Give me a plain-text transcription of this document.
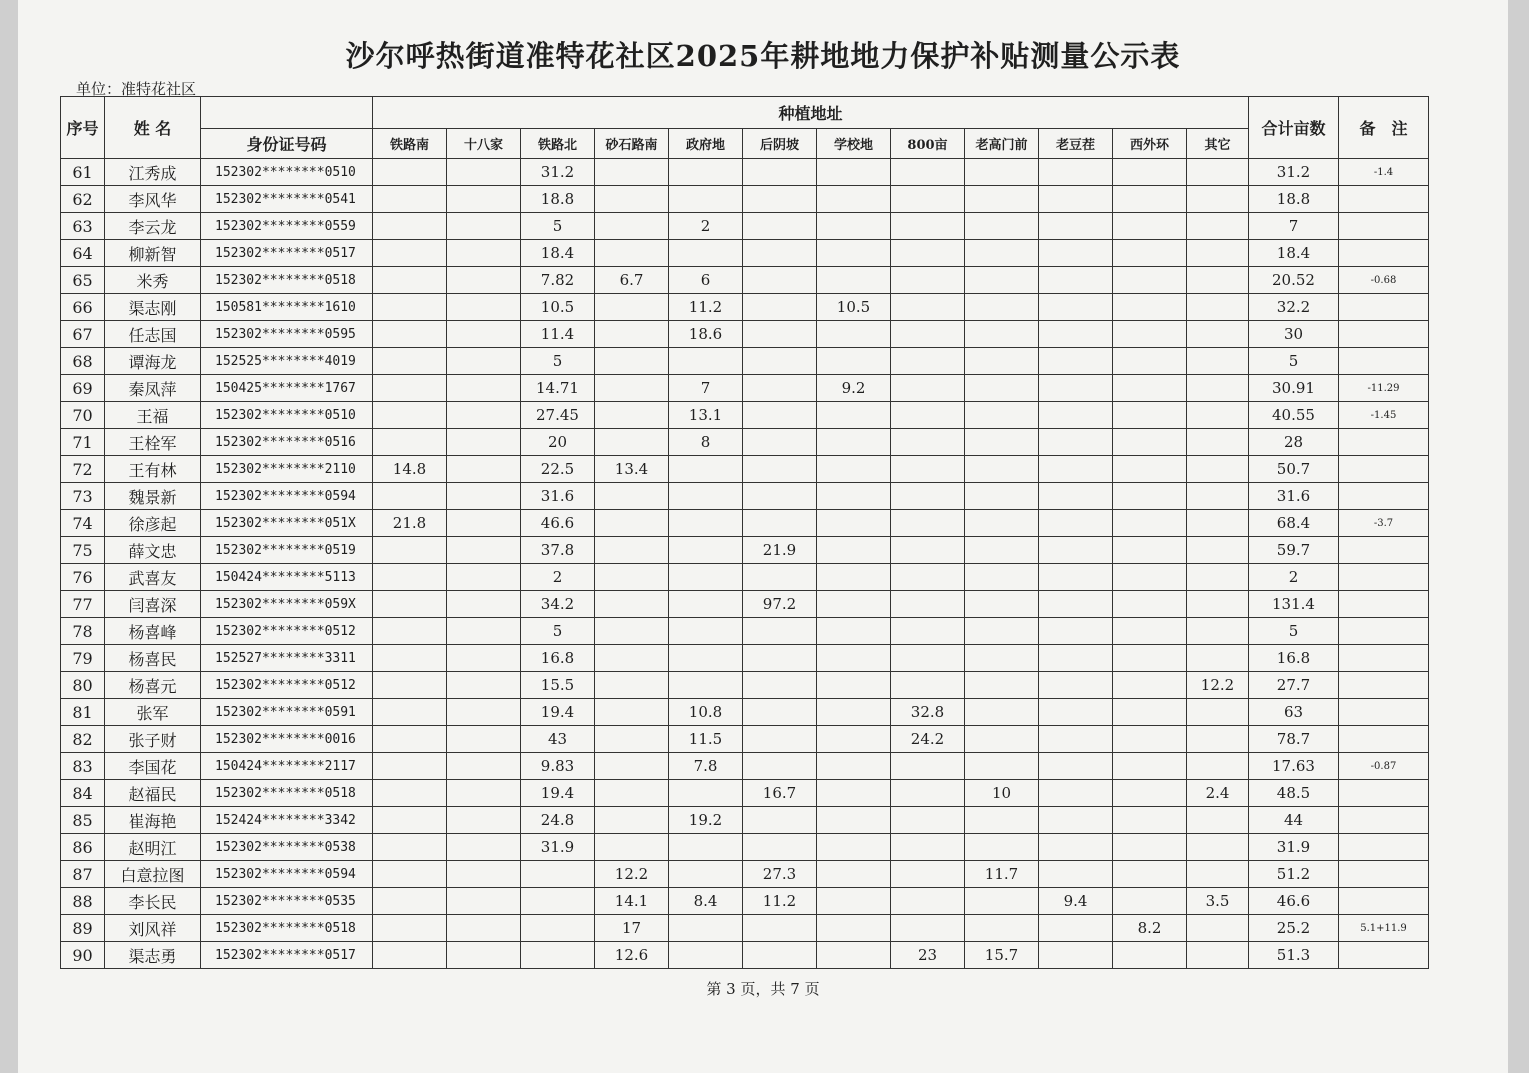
沙尔呼热街道准特花社区2025年耕地地力保护补贴测量公示表
单位：准特花社区
序号	姓 名		种植地址												合计亩数	备　注
		身份证号码	铁路南	十八家	铁路北	砂石路南	政府地	后阴坡	学校地	800亩	老高门前	老豆茬	西外环	其它		
61	江秀成	152302********0510			31.2										31.2	-1.4
62	李风华	152302********0541			18.8										18.8	
63	李云龙	152302********0559			5		2								7	
64	柳新智	152302********0517			18.4										18.4	
65	米秀	152302********0518			7.82	6.7	6								20.52	-0.68
66	渠志刚	150581********1610			10.5		11.2		10.5						32.2	
67	任志国	152302********0595			11.4		18.6								30	
68	谭海龙	152525********4019			5										5	
69	秦凤萍	150425********1767			14.71		7		9.2						30.91	-11.29
70	王福	152302********0510			27.45		13.1								40.55	-1.45
71	王栓军	152302********0516			20		8								28	
72	王有林	152302********2110	14.8		22.5	13.4									50.7	
73	魏景新	152302********0594			31.6										31.6	
74	徐彦起	152302********051X	21.8		46.6										68.4	-3.7
75	薛文忠	152302********0519			37.8			21.9							59.7	
76	武喜友	150424********5113			2										2	
77	闫喜深	152302********059X			34.2			97.2							131.4	
78	杨喜峰	152302********0512			5										5	
79	杨喜民	152527********3311			16.8										16.8	
80	杨喜元	152302********0512			15.5									12.2	27.7	
81	张军	152302********0591			19.4		10.8			32.8					63	
82	张子财	152302********0016			43		11.5			24.2					78.7	
83	李国花	150424********2117			9.83		7.8								17.63	-0.87
84	赵福民	152302********0518			19.4			16.7			10			2.4	48.5	
85	崔海艳	152424********3342			24.8		19.2								44	
86	赵明江	152302********0538			31.9										31.9	
87	白意拉图	152302********0594				12.2		27.3			11.7				51.2	
88	李长民	152302********0535				14.1	8.4	11.2				9.4		3.5	46.6	
89	刘风祥	152302********0518				17							8.2		25.2	5.1+11.9
90	渠志勇	152302********0517				12.6				23	15.7				51.3	
第 3 页，共 7 页
